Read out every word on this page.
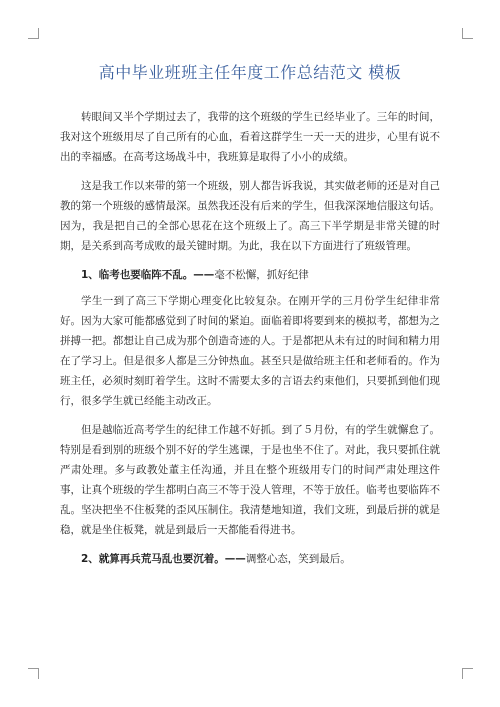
高中毕业班班主任年度工作总结范文 模板

转眼间又半个学期过去了，我带的这个班级的学生已经毕业了。三年的时间，我对这个班级用尽了自己所有的心血，看着这群学生一天一天的进步，心里有说不出的幸福感。在高考这场战斗中，我班算是取得了小小的成绩。

这是我工作以来带的第一个班级，别人都告诉我说，其实做老师的还是对自己教的第一个班级的感情最深。虽然我还没有后来的学生，但我深深地信服这句话。因为，我是把自己的全部心思花在这个班级上了。高三下半学期是非常关键的时期，是关系到高考成败的最关键时期。为此，我在以下方面进行了班级管理。

1、临考也要临阵不乱。——毫不松懈，抓好纪律

学生一到了高三下学期心理变化比较复杂。在刚开学的三月份学生纪律非常好。因为大家可能都感觉到了时间的紧迫。面临着即将要到来的模拟考，都想为之拼搏一把。都想让自己成为那个创造奇迹的人。于是都把从未有过的时间和精力用在了学习上。但是很多人都是三分钟热血。甚至只是做给班主任和老师看的。作为班主任，必须时刻盯着学生。这时不需要太多的言语去约束他们，只要抓到他们现行，很多学生就已经能主动改正。

但是越临近高考学生的纪律工作越不好抓。到了５月份，有的学生就懈怠了。特别是看到别的班级个别不好的学生逃课，于是也坐不住了。对此，我只要抓住就严肃处理。多与政教处董主任沟通，并且在整个班级用专门的时间严肃处理这件事，让真个班级的学生都明白高三不等于没人管理，不等于放任。临考也要临阵不乱。坚决把坐不住板凳的歪风压制住。我清楚地知道，我们文班，到最后拼的就是稳，就是坐住板凳，就是到最后一天都能看得进书。

2、就算再兵荒马乱也要沉着。——调整心态，笑到最后。
